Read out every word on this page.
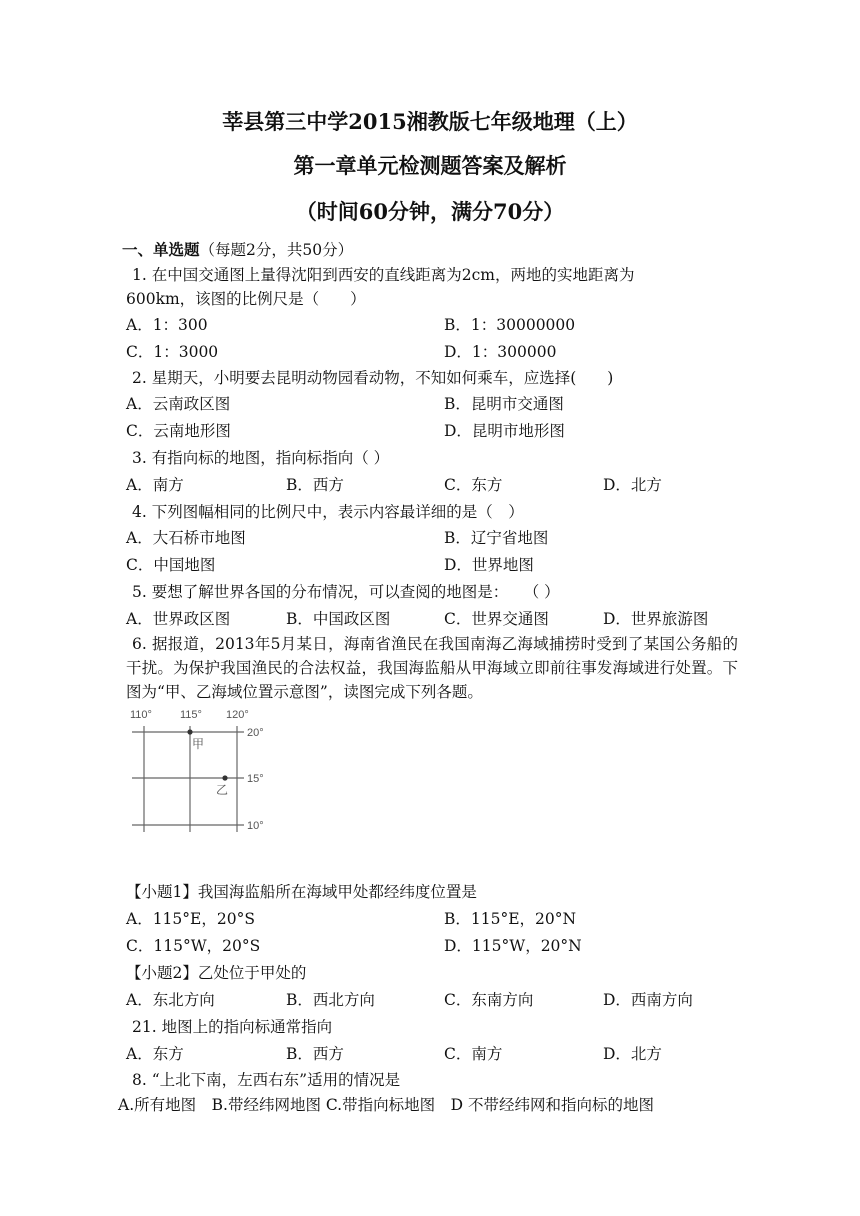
莘县第三中学2015湘教版七年级地理（上）
第一章单元检测题答案及解析
（时间60分钟，满分70分）
一、单选题（每题2分，共50分）
1. 在中国交通图上量得沈阳到西安的直线距离为2cm，两地的实地距离为
600km，该图的比例尺是（　　）
A．1：300	B．1：30000000
C．1：3000	D．1：300000
2. 星期天，小明要去昆明动物园看动物，不知如何乘车，应选择(　　)
A．云南政区图	B．昆明市交通图
C．云南地形图	D．昆明市地形图
3. 有指向标的地图，指向标指向（ ）
A．南方	B．西方	C．东方	D．北方
4. 下列图幅相同的比例尺中，表示内容最详细的是（　）
A．大石桥市地图	B．辽宁省地图
C．中国地图	D．世界地图
5. 要想了解世界各国的分布情况，可以查阅的地图是：　　（ ）
A．世界政区图	B．中国政区图	C．世界交通图	D．世界旅游图
6. 据报道，2013年5月某日，海南省渔民在我国南海乙海域捕捞时受到了某国公务船的干扰。为保护我国渔民的合法权益，我国海监船从甲海域立即前往事发海域进行处置。下图为“甲、乙海域位置示意图”，读图完成下列各题。
110°	115° 120°
20°
15°
10°
甲
乙
【小题1】我国海监船所在海域甲处都经纬度位置是
A．115°E，20°S	B．115°E，20°N
C．115°W，20°S	D．115°W，20°N
【小题2】乙处位于甲处的
A．东北方向	B．西北方向	C．东南方向	D．西南方向
21. 地图上的指向标通常指向
A．东方	B．西方	C．南方	D．北方
8. “上北下南，左西右东”适用的情况是
A.所有地图　B.带经纬网地图 C.带指向标地图　D 不带经纬网和指向标的地图
